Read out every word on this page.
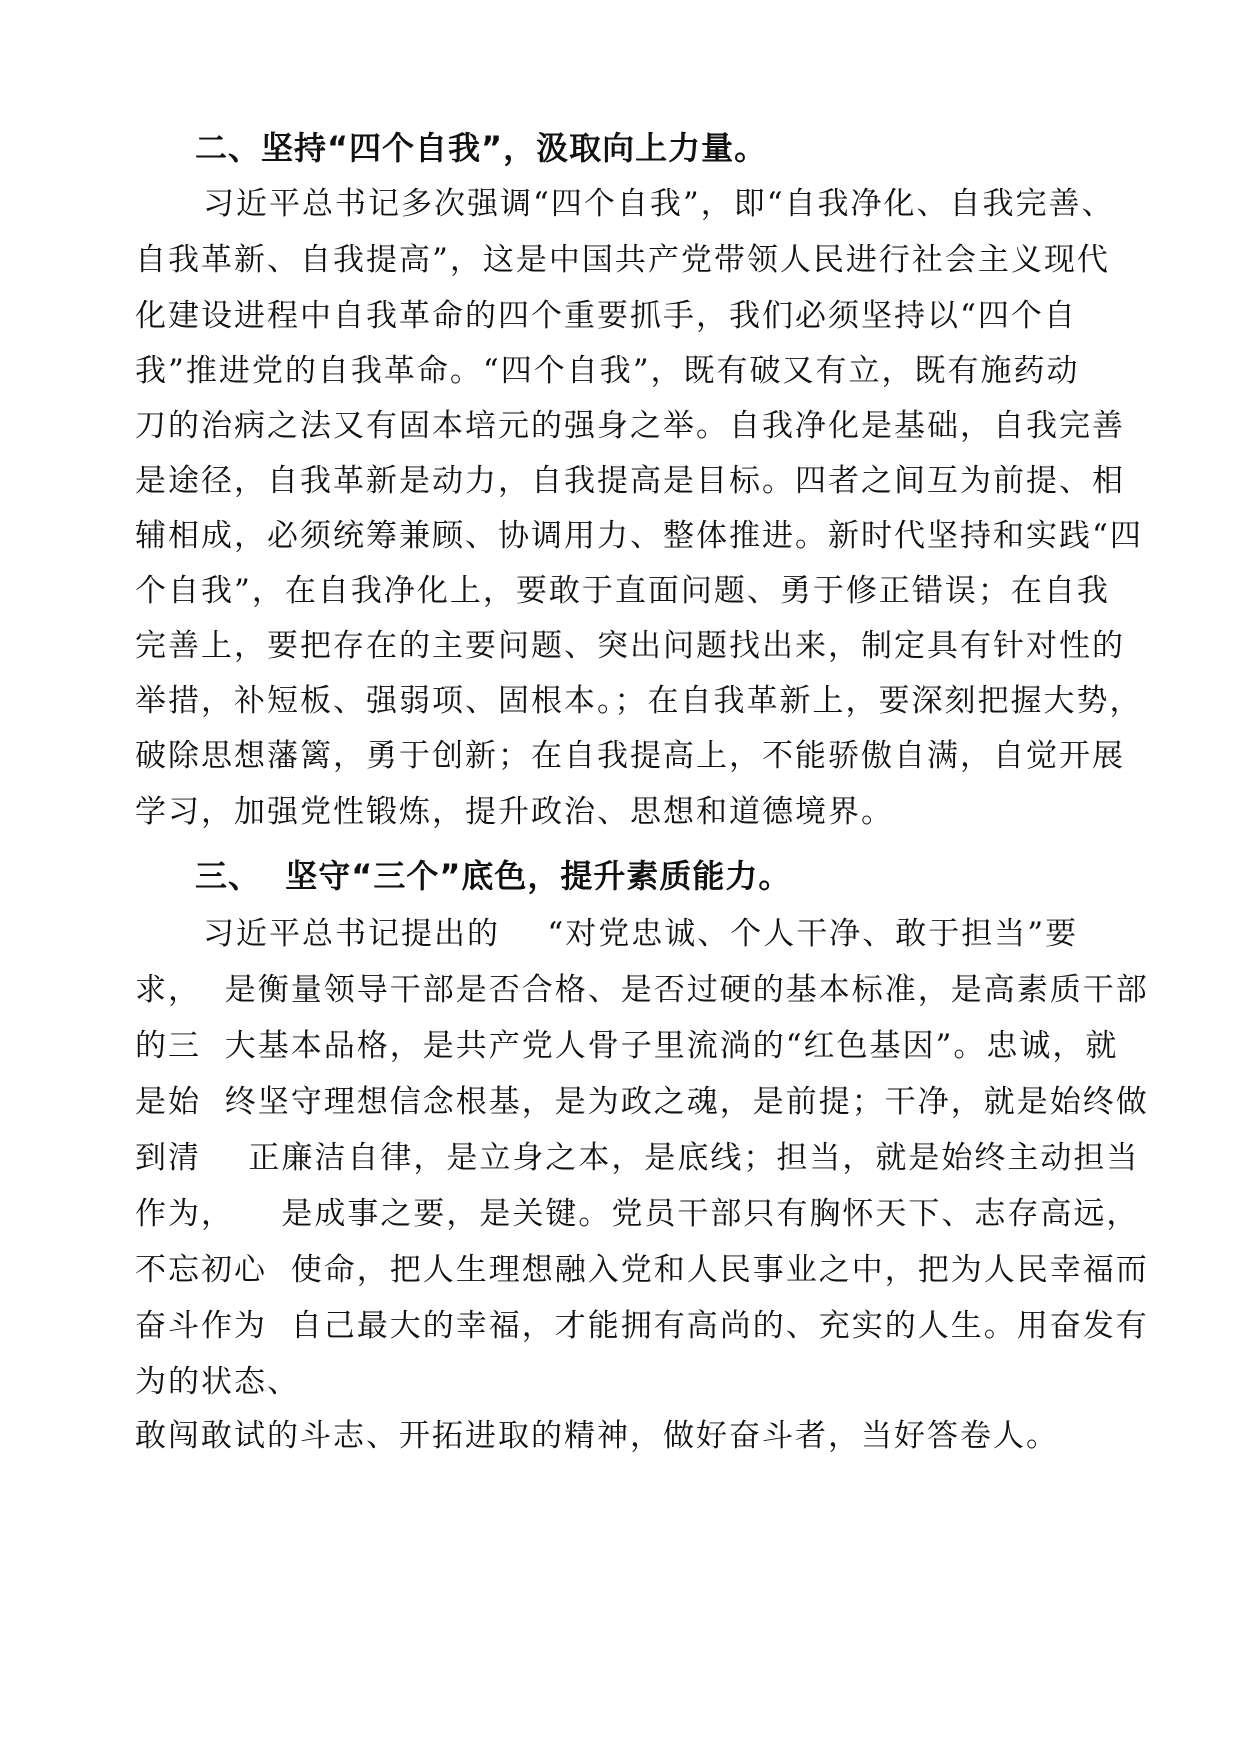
二、坚持“四个自我”，汲取向上力量。
习近平总书记多次强调“四个自我”，即“自我净化、自我完善、
自我革新、自我提高”，这是中国共产党带领人民进行社会主义现代
化建设进程中自我革命的四个重要抓手，我们必须坚持以“四个自
我”推进党的自我革命。“四个自我”，既有破又有立，既有施药动
刀的治病之法又有固本培元的强身之举。自我净化是基础，自我完善
是途径，自我革新是动力，自我提高是目标。四者之间互为前提、相
辅相成，必须统筹兼顾、协调用力、整体推进。新时代坚持和实践“四
个自我”，在自我净化上，要敢于直面问题、勇于修正错误；在自我
完善上，要把存在的主要问题、突出问题找出来，制定具有针对性的
举措，补短板、强弱项、固根本。；在自我革新上，要深刻把握大势，
破除思想藩篱，勇于创新；在自我提高上，不能骄傲自满，自觉开展
学习，加强党性锻炼，提升政治、思想和道德境界。
三、  坚守“三个”底色，提升素质能力。
习近平总书记提出的    “对党忠诚、个人干净、敢于担当”要
求，  是衡量领导干部是否合格、是否过硬的基本标准，是高素质干部
的三  大基本品格，是共产党人骨子里流淌的“红色基因”。忠诚，就
是始  终坚守理想信念根基，是为政之魂，是前提；干净，就是始终做
到清    正廉洁自律，是立身之本，是底线；担当，就是始终主动担当
作为，    是成事之要，是关键。党员干部只有胸怀天下、志存高远，
不忘初心  使命，把人生理想融入党和人民事业之中，把为人民幸福而
奋斗作为  自己最大的幸福，才能拥有高尚的、充实的人生。用奋发有
为的状态、
敢闯敢试的斗志、开拓进取的精神，做好奋斗者，当好答卷人。
